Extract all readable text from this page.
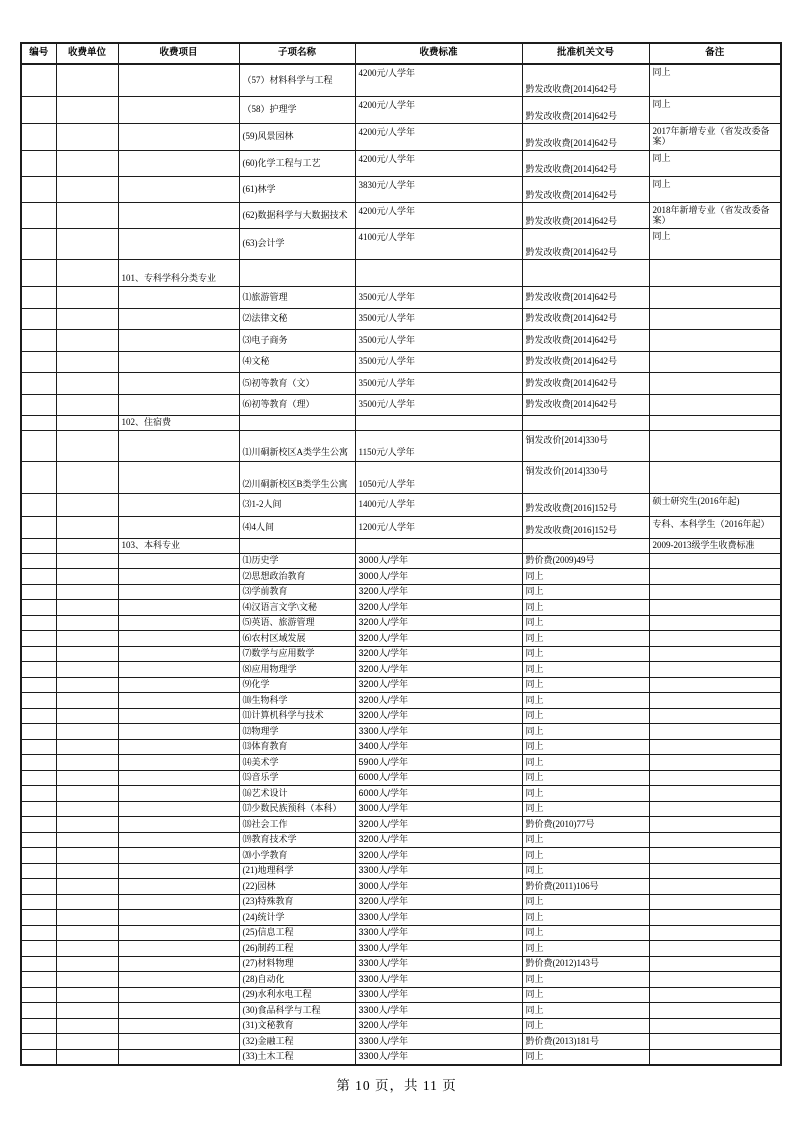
编号	收费单位	收费项目	子项名称	收费标准	批准机关文号	备注

			（57）材料科学与工程	4200元/人学年	黔发改收费[2014]642号	同上

			（58）护理学	4200元/人学年	黔发改收费[2014]642号	同上

			(59)风景园林	4200元/人学年	黔发改收费[2014]642号	2017年新增专业（省发改委备案）

			(60)化学工程与工艺	4200元/人学年	黔发改收费[2014]642号	同上

			(61)林学	3830元/人学年	黔发改收费[2014]642号	同上

			(62)数据科学与大数据技术	4200元/人学年	黔发改收费[2014]642号	2018年新增专业（省发改委备案）

			(63)会计学	4100元/人学年	黔发改收费[2014]642号	同上

		101、专科学科分类专业				

			⑴旅游管理	3500元/人学年	黔发改收费[2014]642号	

			⑵法律文秘	3500元/人学年	黔发改收费[2014]642号	

			⑶电子商务	3500元/人学年	黔发改收费[2014]642号	

			⑷文秘	3500元/人学年	黔发改收费[2014]642号	

			⑸初等教育（文）	3500元/人学年	黔发改收费[2014]642号	

			⑹初等教育（理）	3500元/人学年	黔发改收费[2014]642号	

		102、住宿费				

			⑴川硐新校区A类学生公寓	1150元/人学年	铜发改价[2014]330号	

			⑵川硐新校区B类学生公寓	1050元/人学年	铜发改价[2014]330号	

			⑶1-2人间	1400元/人学年	黔发改收费[2016]152号	硕士研究生(2016年起)

			⑷4人间	1200元/人学年	黔发改收费[2016]152号	专科、本科学生（2016年起）

		103、本科专业				2009-2013级学生收费标准

			⑴历史学	3000人/学年	黔价费(2009)49号	

			⑵思想政治教育	3000人/学年	同上	

			⑶学前教育	3200人/学年	同上	

			⑷汉语言文学\文秘	3200人/学年	同上	

			⑸英语、旅游管理	3200人/学年	同上	

			⑹农村区域发展	3200人/学年	同上	

			⑺数学与应用数学	3200人/学年	同上	

			⑻应用物理学	3200人/学年	同上	

			⑼化学	3200人/学年	同上	

			⑽生物科学	3200人/学年	同上	

			⑾计算机科学与技术	3200人/学年	同上	

			⑿物理学	3300人/学年	同上	

			⒀体育教育	3400人/学年	同上	

			⒁美术学	5900人/学年	同上	

			⒂音乐学	6000人/学年	同上	

			⒃艺术设计	6000人/学年	同上	

			⒄少数民族预科（本科）	3000人/学年	同上	

			⒅社会工作	3200人/学年	黔价费(2010)77号	

			⒆教育技术学	3200人/学年	同上	

			⒇小学教育	3200人/学年	同上	

			(21)地理科学	3300人/学年	同上	

			(22)园林	3000人/学年	黔价费(2011)106号	

			(23)特殊教育	3200人/学年	同上	

			(24)统计学	3300人/学年	同上	

			(25)信息工程	3300人/学年	同上	

			(26)制药工程	3300人/学年	同上	

			(27)材料物理	3300人/学年	黔价费(2012)143号	

			(28)自动化	3300人/学年	同上	

			(29)水利水电工程	3300人/学年	同上	

			(30)食品科学与工程	3300人/学年	同上	

			(31)文秘教育	3200人/学年	同上	

			(32)金融工程	3300人/学年	黔价费(2013)181号	

			(33)土木工程	3300人/学年	同上	

第 10 页，共 11 页
